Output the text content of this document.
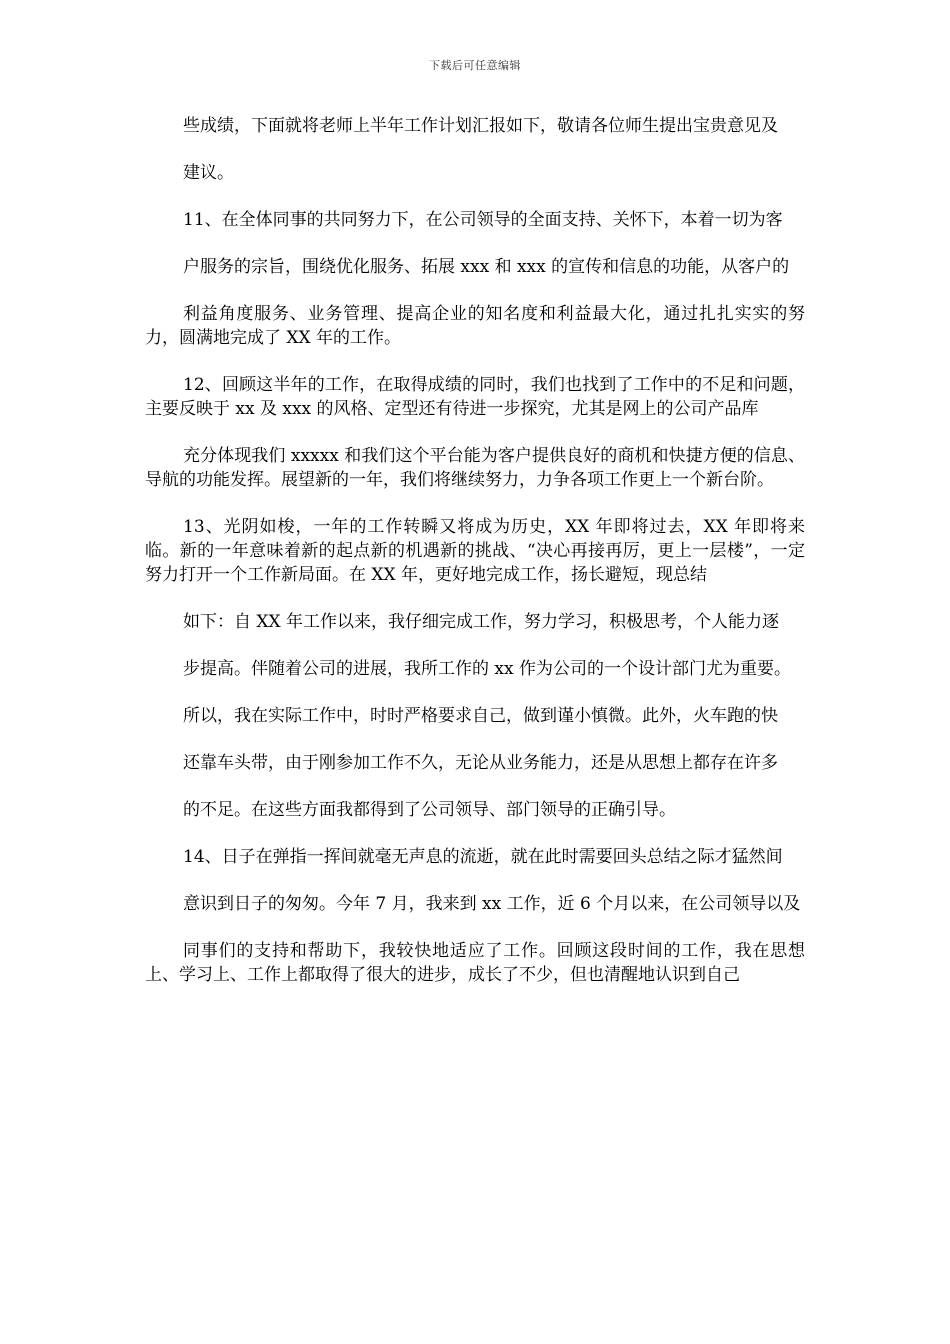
下载后可任意编辑

些成绩，下面就将老师上半年工作计划汇报如下，敬请各位师生提出宝贵意见及

建议。

11、在全体同事的共同努力下，在公司领导的全面支持、关怀下，本着一切为客

户服务的宗旨，围绕优化服务、拓展 xxx 和 xxx 的宣传和信息的功能，从客户的

利益角度服务、业务管理、提高企业的知名度和利益最大化，通过扎扎实实的努力，圆满地完成了 XX 年的工作。

12、回顾这半年的工作，在取得成绩的同时，我们也找到了工作中的不足和问题，主要反映于 xx 及 xxx 的风格、定型还有待进一步探究，尤其是网上的公司产品库

充分体现我们 xxxxx 和我们这个平台能为客户提供良好的商机和快捷方便的信息、导航的功能发挥。展望新的一年，我们将继续努力，力争各项工作更上一个新台阶。

13、光阴如梭，一年的工作转瞬又将成为历史，XX 年即将过去，XX 年即将来临。新的一年意味着新的起点新的机遇新的挑战、“决心再接再厉，更上一层楼”，一定努力打开一个工作新局面。在 XX 年，更好地完成工作，扬长避短，现总结

如下：自 XX 年工作以来，我仔细完成工作，努力学习，积极思考，个人能力逐

步提高。伴随着公司的进展，我所工作的 xx 作为公司的一个设计部门尤为重要。

所以，我在实际工作中，时时严格要求自己，做到谨小慎微。此外，火车跑的快

还靠车头带，由于刚参加工作不久，无论从业务能力，还是从思想上都存在许多

的不足。在这些方面我都得到了公司领导、部门领导的正确引导。

14、日子在弹指一挥间就毫无声息的流逝，就在此时需要回头总结之际才猛然间

意识到日子的匆匆。今年 7 月，我来到 xx 工作，近 6 个月以来，在公司领导以及

同事们的支持和帮助下，我较快地适应了工作。回顾这段时间的工作，我在思想上、学习上、工作上都取得了很大的进步，成长了不少，但也清醒地认识到自己
